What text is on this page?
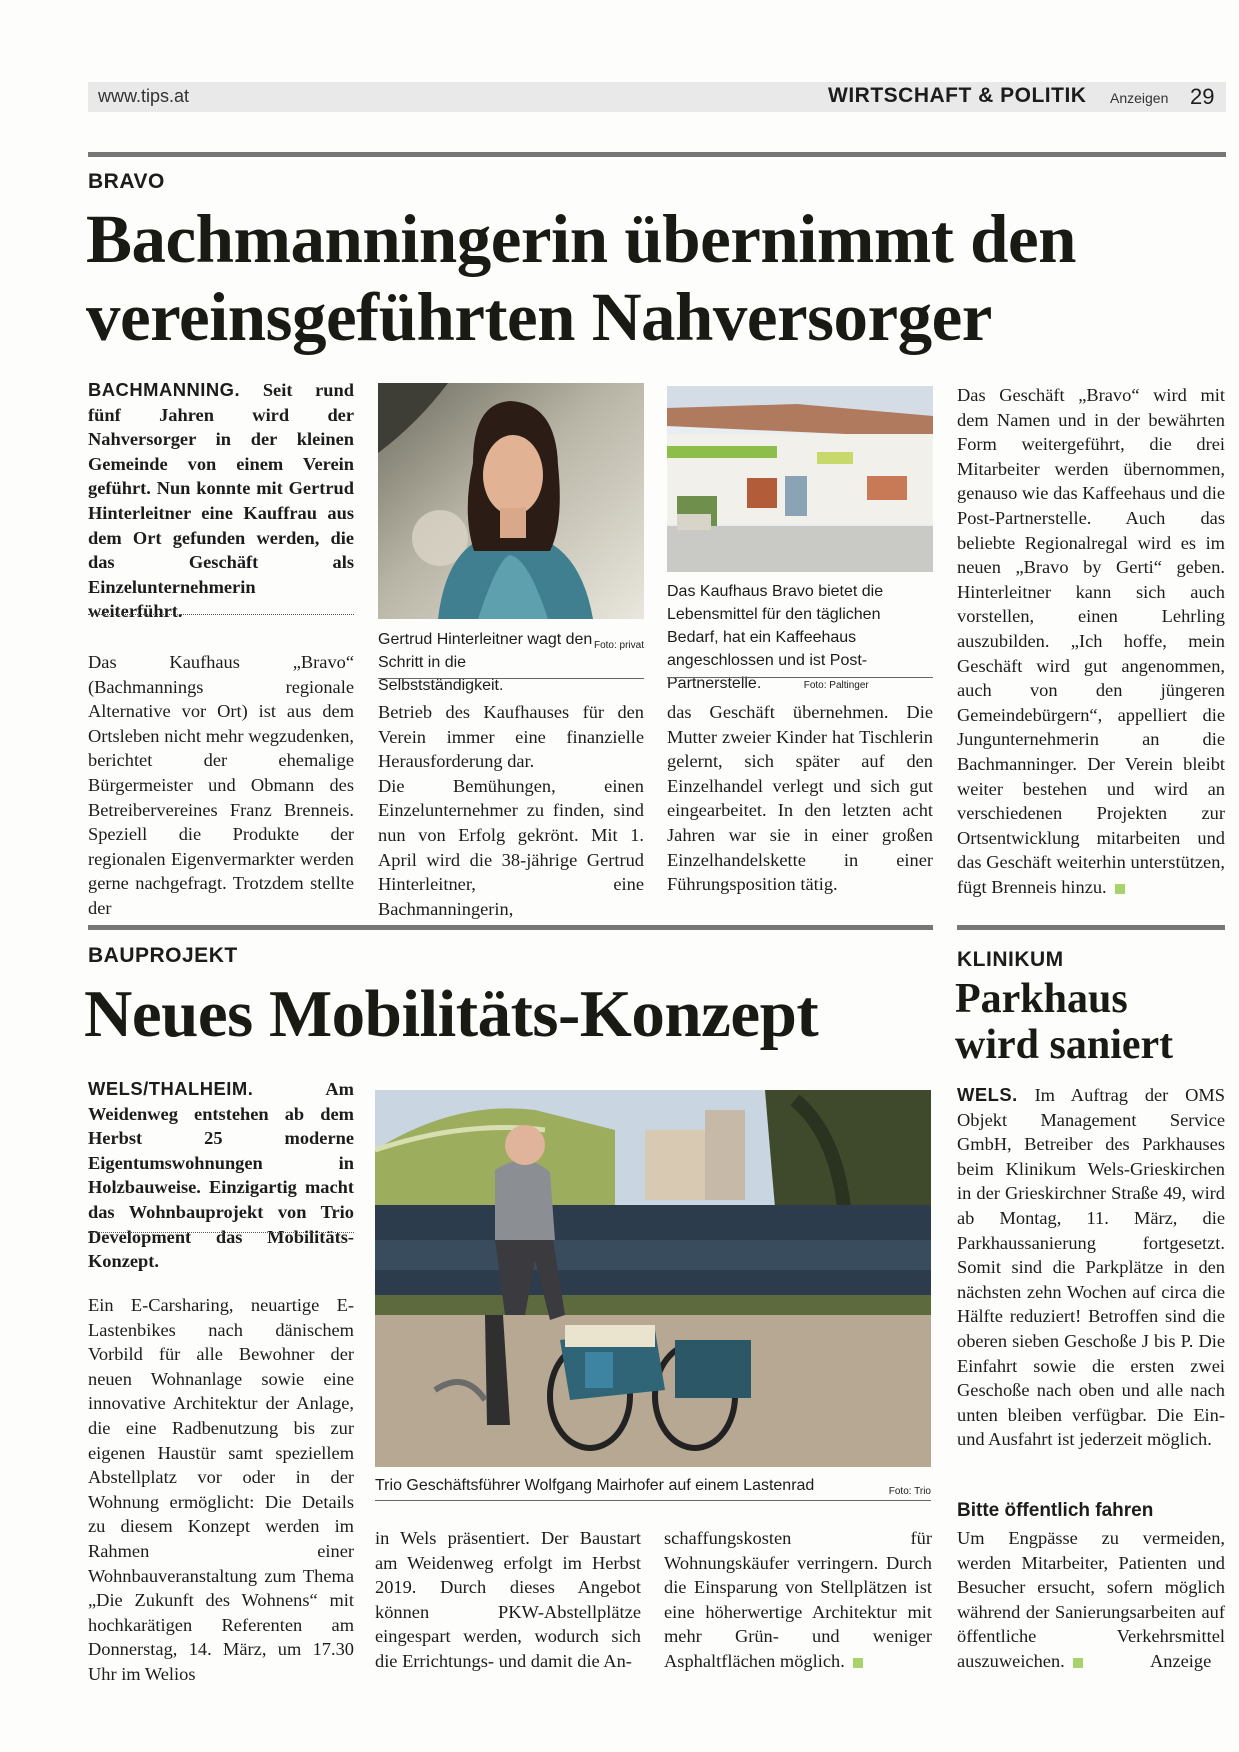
www.tips.at	WIRTSCHAFT & POLITIK Anzeigen 29
BRAVO
Bachmanningerin übernimmt den
vereinsgeführten Nahversorger
BACHMANNING. Seit rund fünf Jahren wird der Nahversorger in der kleinen Gemeinde von einem Verein geführt. Nun konnte mit Gertrud Hinterleitner eine Kauffrau aus dem Ort gefunden werden, die das Geschäft als Einzelunternehmerin weiterführt.
Das Kaufhaus „Bravo“ (Bachmannings regionale Alternative vor Ort) ist aus dem Ortsleben nicht mehr wegzudenken, berichtet der ehemalige Bürgermeister und Obmann des Betreibervereines Franz Brenneis. Speziell die Produkte der regionalen Eigenvermarkter werden gerne nachgefragt. Trotzdem stellte der
Foto: privat
Gertrud Hinterleitner wagt den Schritt in die Selbstständigkeit.
Betrieb des Kaufhauses für den Verein immer eine finanzielle Herausforderung dar.
Die Bemühungen, einen Einzelunternehmer zu finden, sind nun von Erfolg gekrönt. Mit 1. April wird die 38-jährige Gertrud Hinterleitner, eine Bachmanningerin,
Das Kaufhaus Bravo bietet die Lebensmittel für den täglichen Bedarf, hat ein Kaffeehaus angeschlossen und ist Post-Partnerstelle.	Foto: Paltinger
das Geschäft übernehmen. Die Mutter zweier Kinder hat Tischlerin gelernt, sich später auf den Einzelhandel verlegt und sich gut eingearbeitet. In den letzten acht Jahren war sie in einer großen Einzelhandelskette in einer Führungsposition tätig.
Das Geschäft „Bravo“ wird mit dem Namen und in der bewährten Form weitergeführt, die drei Mitarbeiter werden übernommen, genauso wie das Kaffeehaus und die Post-Partnerstelle. Auch das beliebte Regionalregal wird es im neuen „Bravo by Gerti“ geben. Hinterleitner kann sich auch vorstellen, einen Lehrling auszubilden. „Ich hoffe, mein Geschäft wird gut angenommen, auch von den jüngeren Gemeindebürgern“, appelliert die Jungunternehmerin an die Bachmanninger. Der Verein bleibt weiter bestehen und wird an verschiedenen Projekten zur Ortsentwicklung mitarbeiten und das Geschäft weiterhin unterstützen, fügt Brenneis hinzu.
BAUPROJEKT
Neues Mobilitäts-Konzept
WELS/THALHEIM.	Am Weidenweg entstehen ab dem Herbst 25 moderne Eigentumswohnungen in Holzbauweise. Einzigartig macht das Wohnbauprojekt von Trio Development das Mobilitäts-Konzept.
Ein E-Carsharing, neuartige E-Lastenbikes nach dänischem Vorbild für alle Bewohner der neuen Wohnanlage sowie eine innovative Architektur der Anlage, die eine Radbenutzung bis zur eigenen Haustür samt speziellem Abstellplatz vor oder in der Wohnung ermöglicht: Die Details zu diesem Konzept werden im Rahmen einer Wohnbauveranstaltung zum Thema „Die Zukunft des Wohnens“ mit hochkarätigen Referenten am Donnerstag, 14. März, um 17.30 Uhr im Welios
Foto: Trio
Trio Geschäftsführer Wolfgang Mairhofer auf einem Lastenrad
in Wels präsentiert. Der Baustart am Weidenweg erfolgt im Herbst 2019. Durch dieses Angebot können PKW-Abstellplätze eingespart werden, wodurch sich die Errichtungs- und damit die An-
schaffungskosten für Wohnungskäufer verringern. Durch die Einsparung von Stellplätzen ist eine höherwertige Architektur mit mehr Grün- und weniger Asphaltflächen möglich.
KLINIKUM
Parkhaus
wird saniert
WELS. Im Auftrag der OMS Objekt Management Service GmbH, Betreiber des Parkhauses beim Klinikum Wels-Grieskirchen in der Grieskirchner Straße 49, wird ab Montag, 11. März, die Parkhaussanierung fortgesetzt. Somit sind die Parkplätze in den nächsten zehn Wochen auf circa die Hälfte reduziert! Betroffen sind die oberen sieben Geschoße J bis P. Die Einfahrt sowie die ersten zwei Geschoße nach oben und alle nach unten bleiben verfügbar. Die Ein- und Ausfahrt ist jederzeit möglich.
Bitte öffentlich fahren
Um Engpässe zu vermeiden, werden Mitarbeiter, Patienten und Besucher ersucht, sofern möglich während der Sanierungsarbeiten auf öffentliche Verkehrsmittel auszuweichen.	Anzeige
